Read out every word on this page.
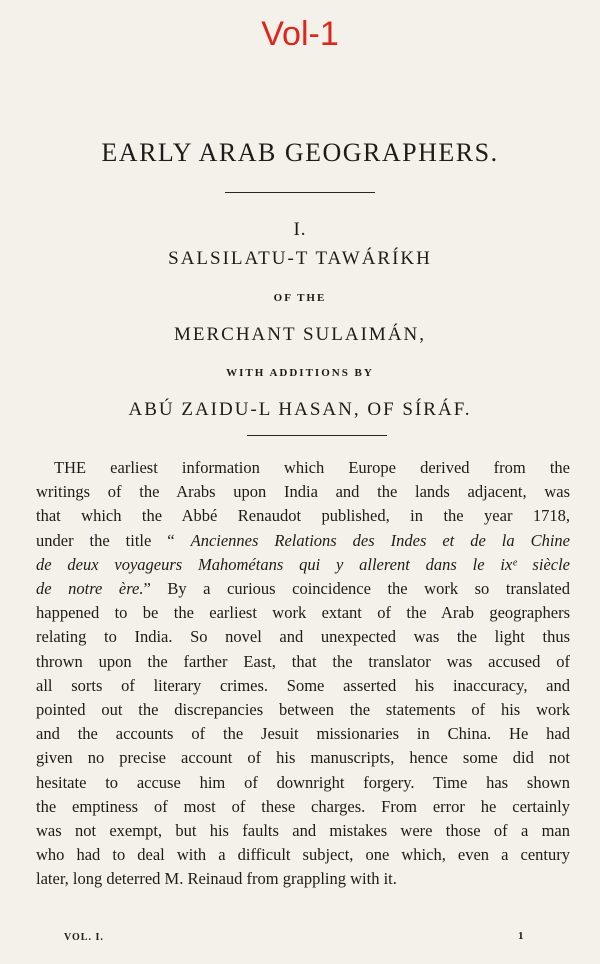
Vol-1
EARLY ARAB GEOGRAPHERS.
I.
SALSILATU-T TAWÁRÍKH
OF THE
MERCHANT SULAIMÁN,
WITH ADDITIONS BY
ABÚ ZAIDU-L HASAN, OF SÍRÁF.
THE earliest information which Europe derived from the
writings of the Arabs upon India and the lands adjacent, was
that which the Abbé Renaudot published, in the year 1718,
under the title “ Anciennes Relations des Indes et de la Chine
de deux voyageurs Mahométans qui y allerent dans le ixᵉ siècle
de notre ère.” By a curious coincidence the work so translated
happened to be the earliest work extant of the Arab geographers
relating to India. So novel and unexpected was the light thus
thrown upon the farther East, that the translator was accused of
all sorts of literary crimes. Some asserted his inaccuracy, and
pointed out the discrepancies between the statements of his work
and the accounts of the Jesuit missionaries in China. He had
given no precise account of his manuscripts, hence some did not
hesitate to accuse him of downright forgery. Time has shown
the emptiness of most of these charges. From error he certainly
was not exempt, but his faults and mistakes were those of a man
who had to deal with a difficult subject, one which, even a century
later, long deterred M. Reinaud from grappling with it.
VOL. I.	1
